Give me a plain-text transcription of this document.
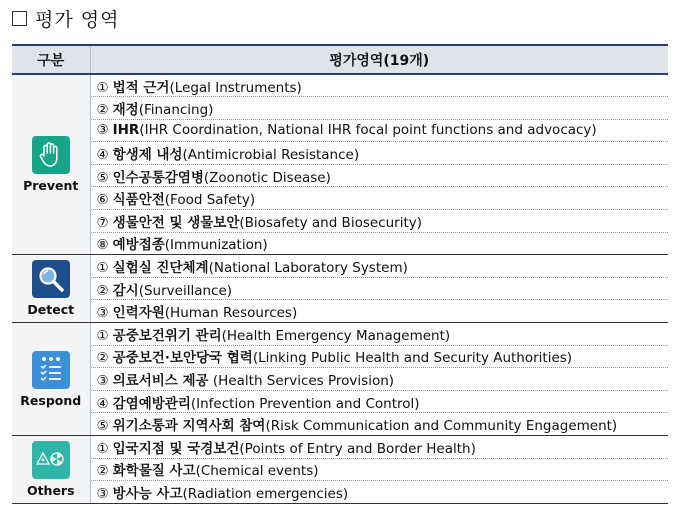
평가 영역
구분	평가영역(19개)

Prevent	① 법적 근거(Legal Instruments)
	② 재정(Financing)
	③ IHR(IHR Coordination, National IHR focal point functions and advocacy)
	④ 항생제 내성(Antimicrobial Resistance)
	⑤ 인수공통감염병(Zoonotic Disease)
	⑥ 식품안전(Food Safety)
	⑦ 생물안전 및 생물보안(Biosafety and Biosecurity)
	⑧ 예방접종(Immunization)

Detect	① 실험실 진단체계(National Laboratory System)
	② 감시(Surveillance)
	③ 인력자원(Human Resources)

Respond	① 공중보건위기 관리(Health Emergency Management)
	② 공중보건·보안당국 협력(Linking Public Health and Security Authorities)
	③ 의료서비스 제공 (Health Services Provision)
	④ 감염예방관리(Infection Prevention and Control)
	⑤ 위기소통과 지역사회 참여(Risk Communication and Community Engagement)

Others	① 입국지점 및 국경보건(Points of Entry and Border Health)
	② 화학물질 사고(Chemical events)
	③ 방사능 사고(Radiation emergencies)
